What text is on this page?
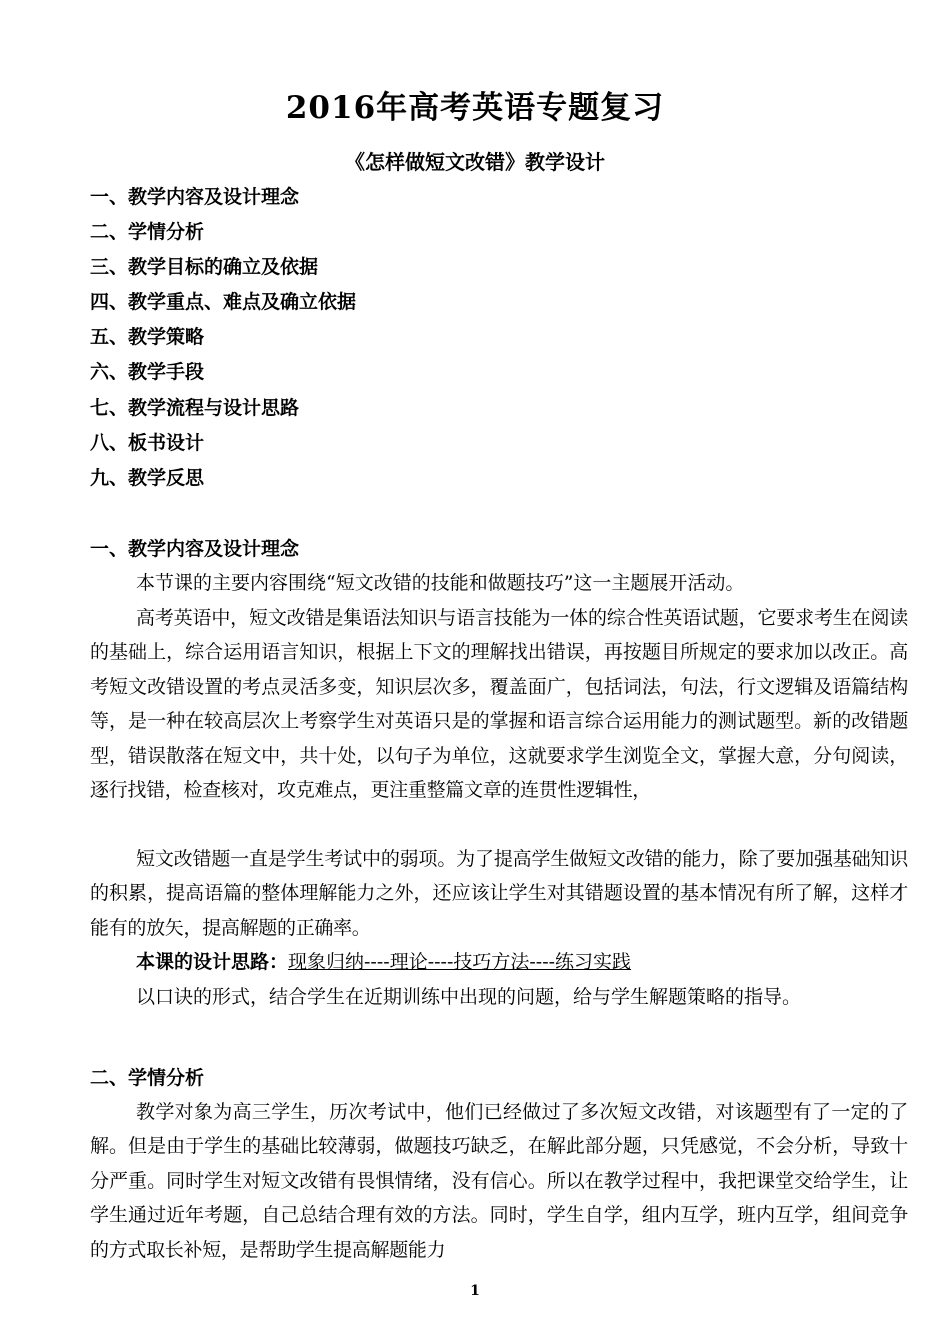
2016年高考英语专题复习
《怎样做短文改错》教学设计
一、教学内容及设计理念
二、学情分析
三、教学目标的确立及依据
四、教学重点、难点及确立依据
五、教学策略
六、教学手段
七、教学流程与设计思路
八、板书设计
九、教学反思
一、教学内容及设计理念

本节课的主要内容围绕“短文改错的技能和做题技巧”这一主题展开活动。

高考英语中，短文改错是集语法知识与语言技能为一体的综合性英语试题，它要求考生在阅读的基础上，综合运用语言知识，根据上下文的理解找出错误，再按题目所规定的要求加以改正。高考短文改错设置的考点灵活多变，知识层次多，覆盖面广，包括词法，句法，行文逻辑及语篇结构等，是一种在较高层次上考察学生对英语只是的掌握和语言综合运用能力的测试题型。新的改错题型，错误散落在短文中，共十处，以句子为单位，这就要求学生浏览全文，掌握大意，分句阅读，逐行找错，检查核对，攻克难点，更注重整篇文章的连贯性逻辑性，

短文改错题一直是学生考试中的弱项。为了提高学生做短文改错的能力，除了要加强基础知识的积累，提高语篇的整体理解能力之外，还应该让学生对其错题设置的基本情况有所了解，这样才能有的放矢，提高解题的正确率。

本课的设计思路：现象归纳----理论----技巧方法----练习实践

以口诀的形式，结合学生在近期训练中出现的问题，给与学生解题策略的指导。

二、学情分析

教学对象为高三学生，历次考试中，他们已经做过了多次短文改错，对该题型有了一定的了解。但是由于学生的基础比较薄弱，做题技巧缺乏，在解此部分题，只凭感觉，不会分析，导致十分严重。同时学生对短文改错有畏惧情绪，没有信心。所以在教学过程中，我把课堂交给学生，让学生通过近年考题，自己总结合理有效的方法。同时，学生自学，组内互学，班内互学，组间竞争的方式取长补短，是帮助学生提高解题能力

1
